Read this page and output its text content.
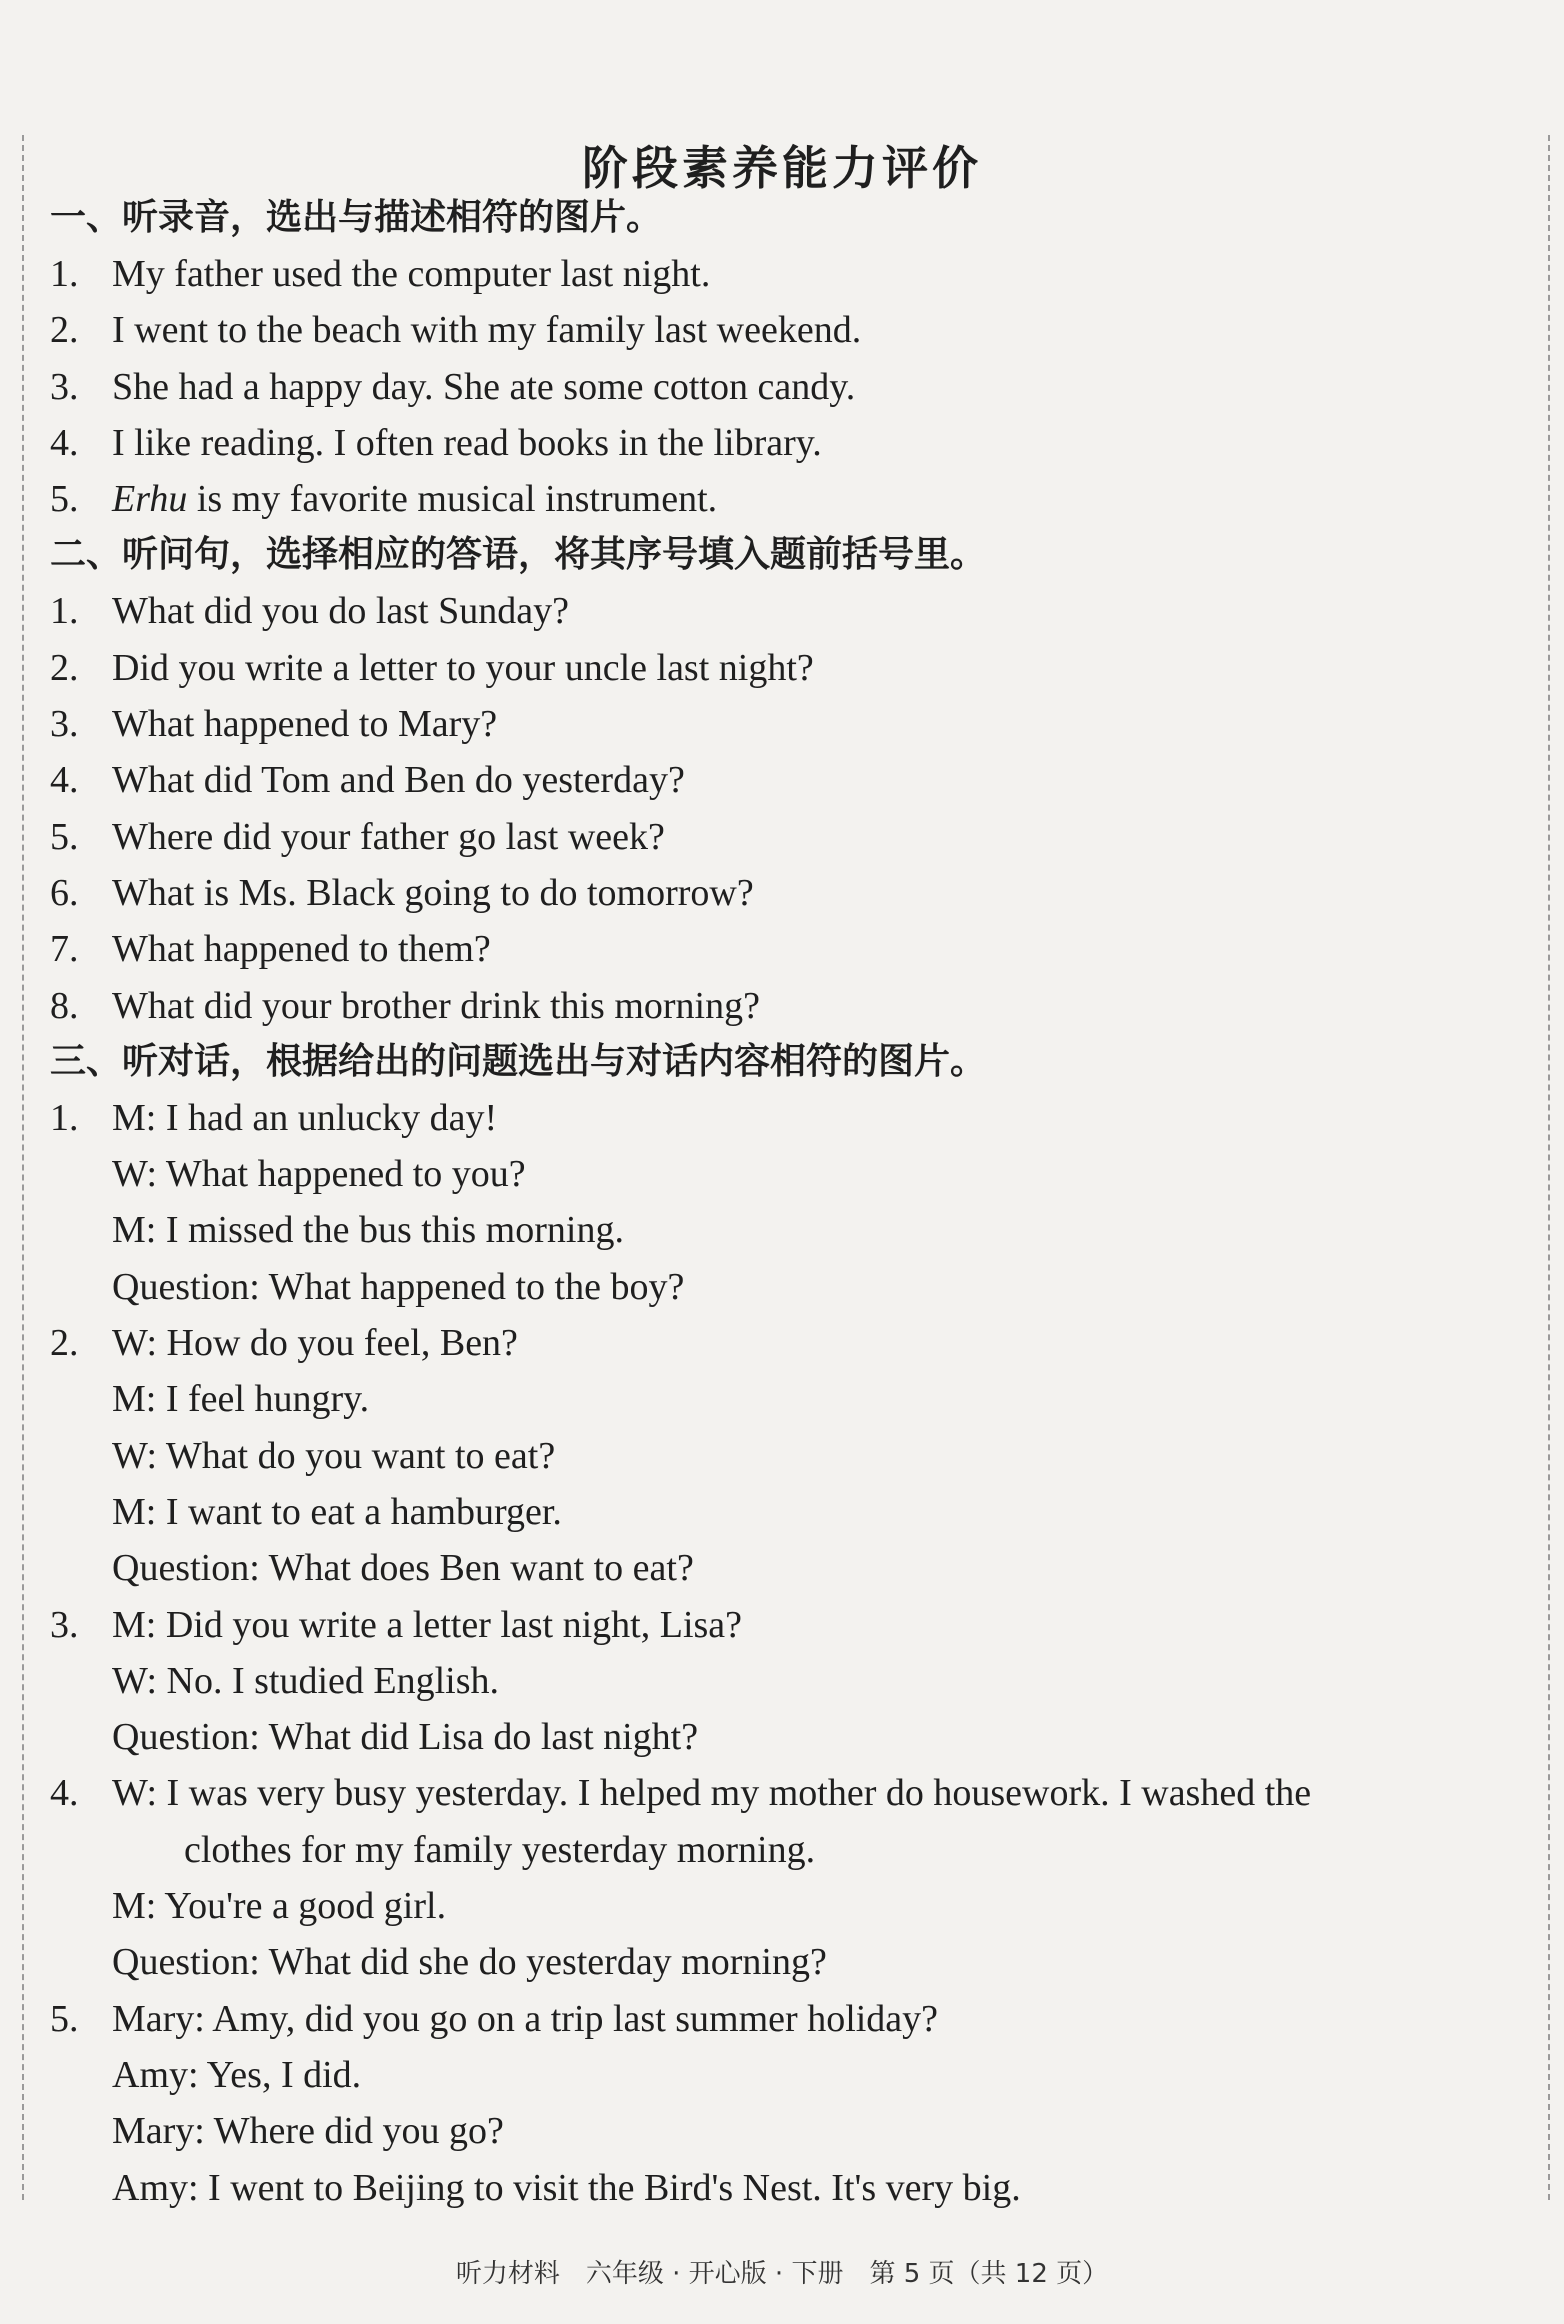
阶段素养能力评价
一、听录音，选出与描述相符的图片。
1. My father used the computer last night.
2. I went to the beach with my family last weekend.
3. She had a happy day. She ate some cotton candy.
4. I like reading. I often read books in the library.
5. Erhu is my favorite musical instrument.
二、听问句，选择相应的答语，将其序号填入题前括号里。
1. What did you do last Sunday?
2. Did you write a letter to your uncle last night?
3. What happened to Mary?
4. What did Tom and Ben do yesterday?
5. Where did your father go last week?
6. What is Ms. Black going to do tomorrow?
7. What happened to them?
8. What did your brother drink this morning?
三、听对话，根据给出的问题选出与对话内容相符的图片。
1. M: I had an unlucky day!
W: What happened to you?
M: I missed the bus this morning.
Question: What happened to the boy?
2. W: How do you feel, Ben?
M: I feel hungry.
W: What do you want to eat?
M: I want to eat a hamburger.
Question: What does Ben want to eat?
3. M: Did you write a letter last night, Lisa?
W: No. I studied English.
Question: What did Lisa do last night?
4. W: I was very busy yesterday. I helped my mother do housework. I washed the
clothes for my family yesterday morning.
M: You're a good girl.
Question: What did she do yesterday morning?
5. Mary: Amy, did you go on a trip last summer holiday?
Amy: Yes, I did.
Mary: Where did you go?
Amy: I went to Beijing to visit the Bird's Nest. It's very big.
听力材料　六年级 · 开心版 · 下册　第 5 页（共 12 页）
